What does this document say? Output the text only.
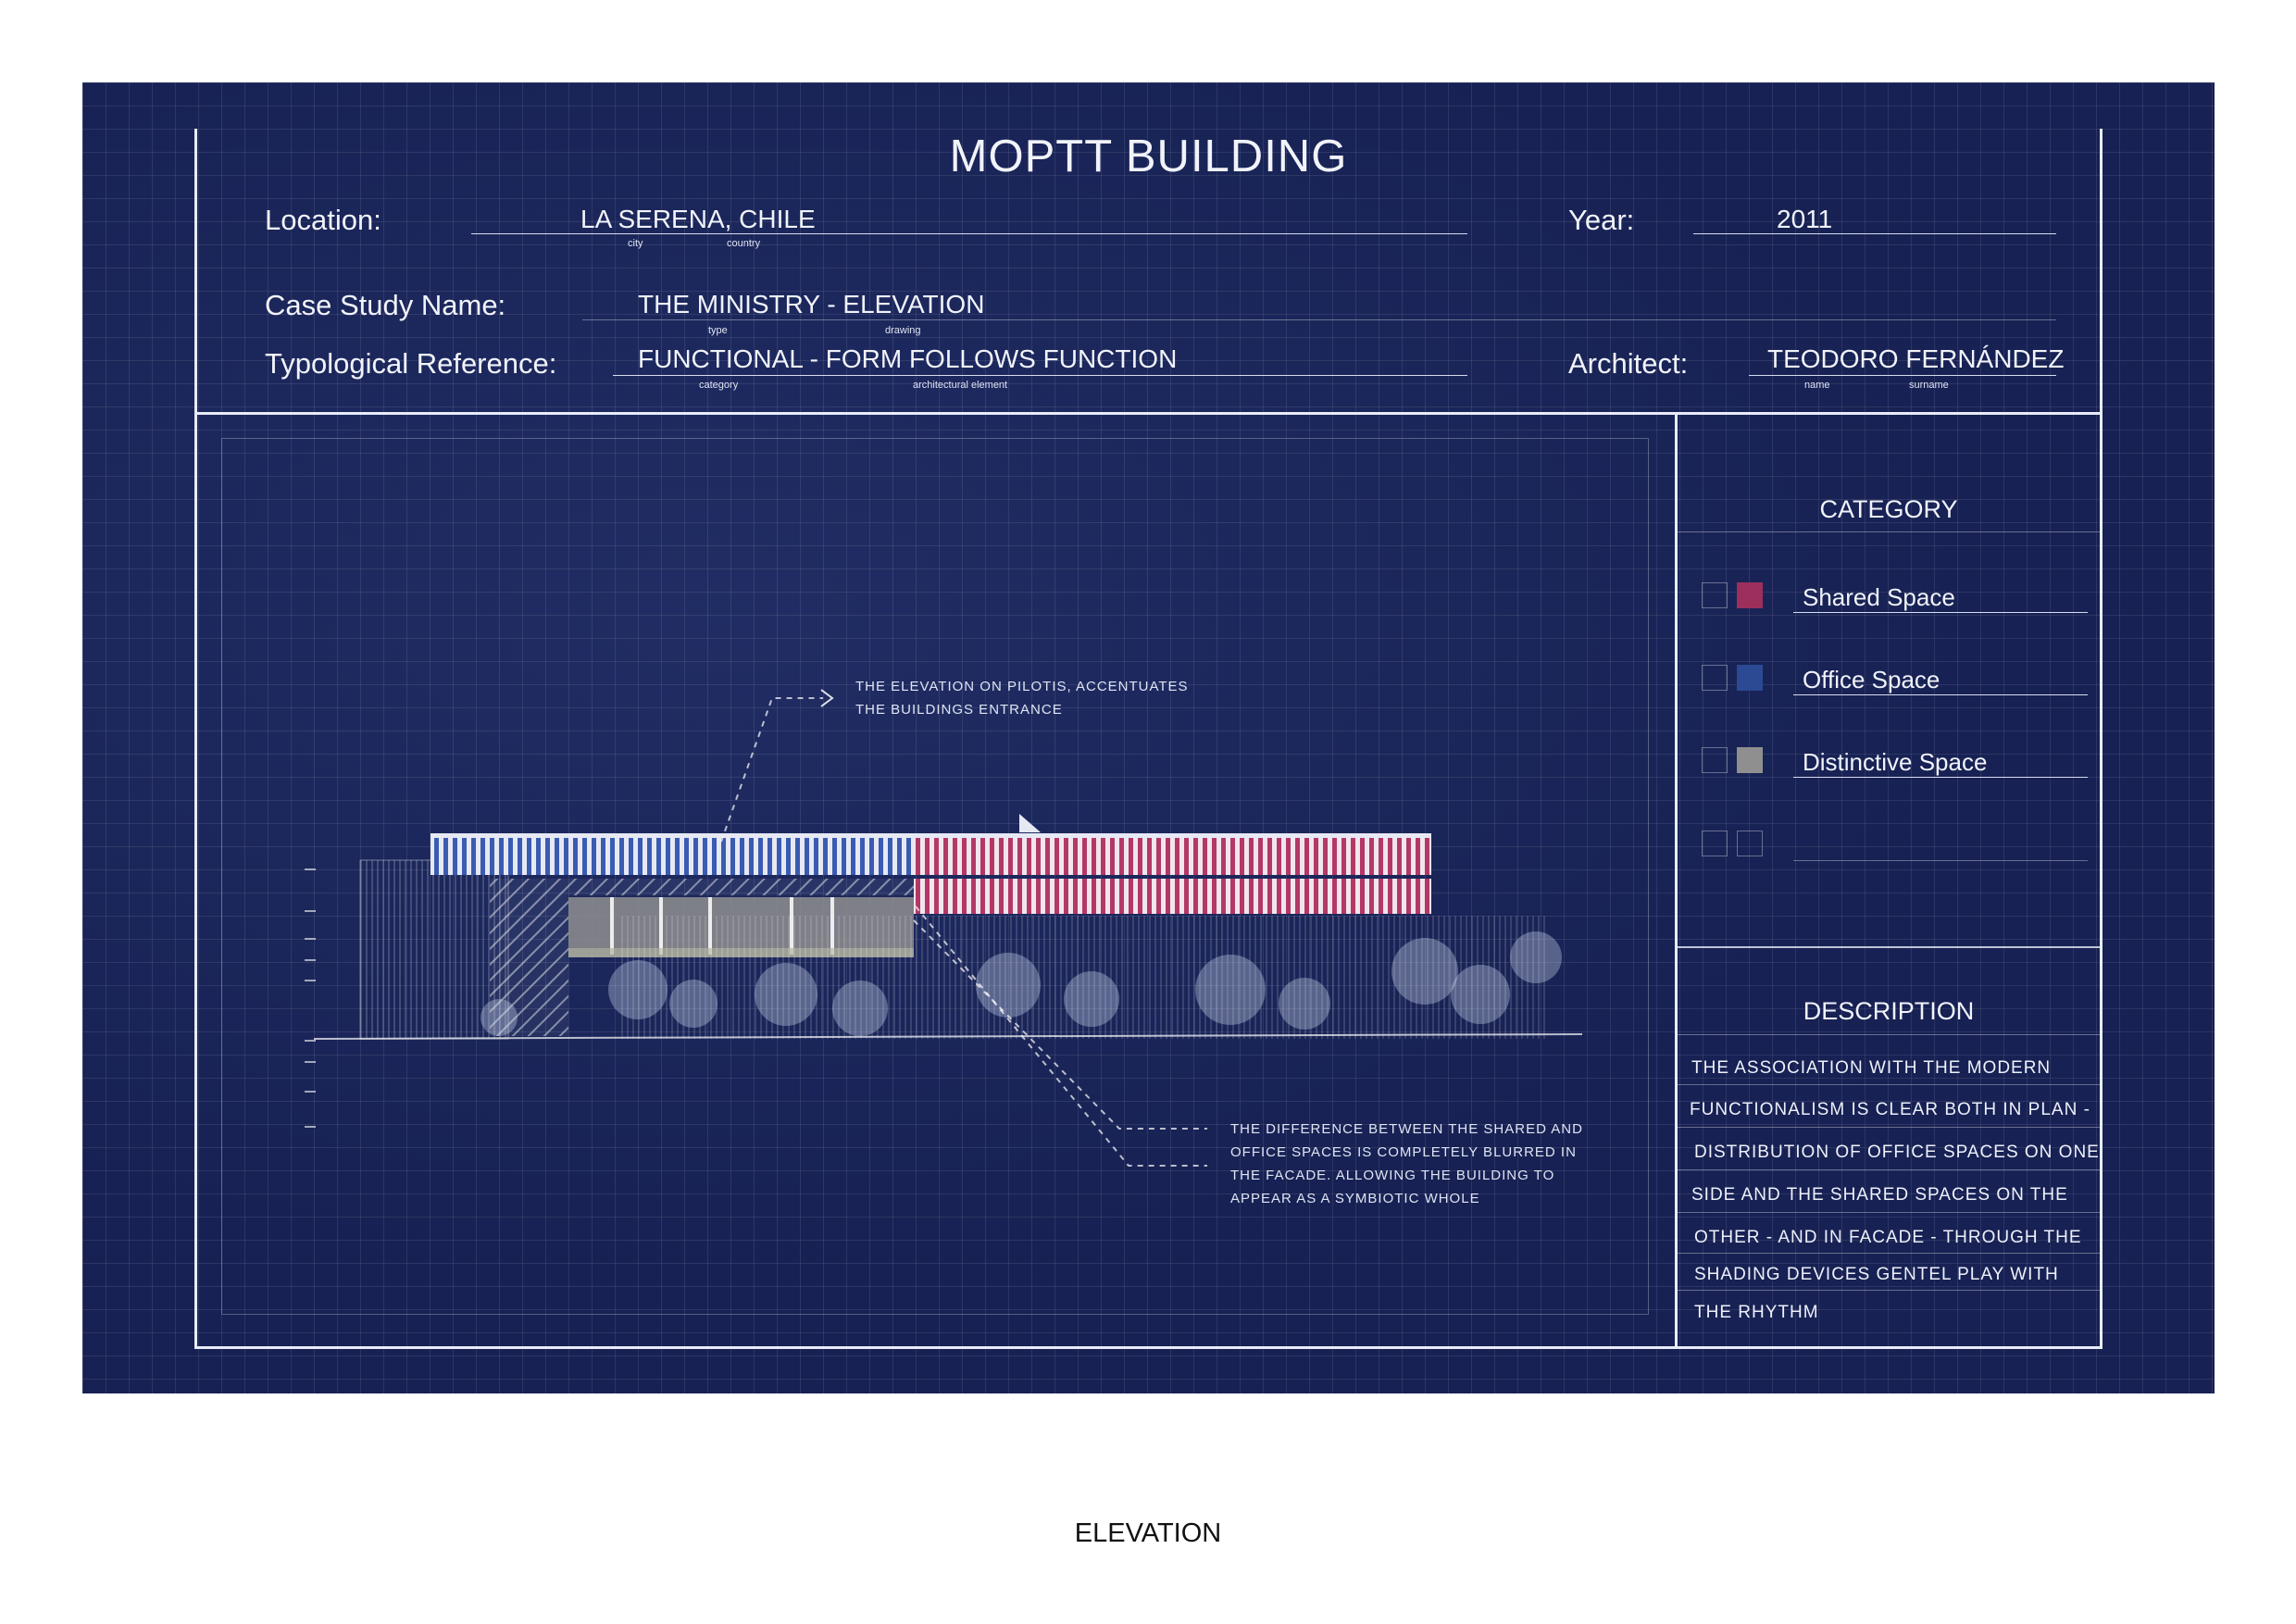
MOPTT BUILDING
Location:	LA SERENA, CHILE
city	country
Year:	2011
Case Study Name:	THE MINISTRY - ELEVATION
type	drawing
Typological Reference:	FUNCTIONAL - FORM FOLLOWS FUNCTION
category	architectural element
Architect:	TEODORO FERNÁNDEZ
name	surname
THE ELEVATION ON PILOTIS, ACCENTUATES
THE BUILDINGS ENTRANCE
THE DIFFERENCE BETWEEN THE SHARED AND
OFFICE SPACES IS COMPLETELY BLURRED IN
THE FACADE. ALLOWING THE BUILDING TO
APPEAR AS A SYMBIOTIC WHOLE
CATEGORY
Shared Space
Office Space
Distinctive Space
DESCRIPTION
THE ASSOCIATION WITH THE MODERN
FUNCTIONALISM IS CLEAR BOTH IN PLAN -
DISTRIBUTION OF OFFICE SPACES ON ONE
SIDE AND THE SHARED SPACES ON THE
OTHER - AND IN FACADE - THROUGH THE
SHADING DEVICES GENTEL PLAY WITH
THE RHYTHM
ELEVATION
